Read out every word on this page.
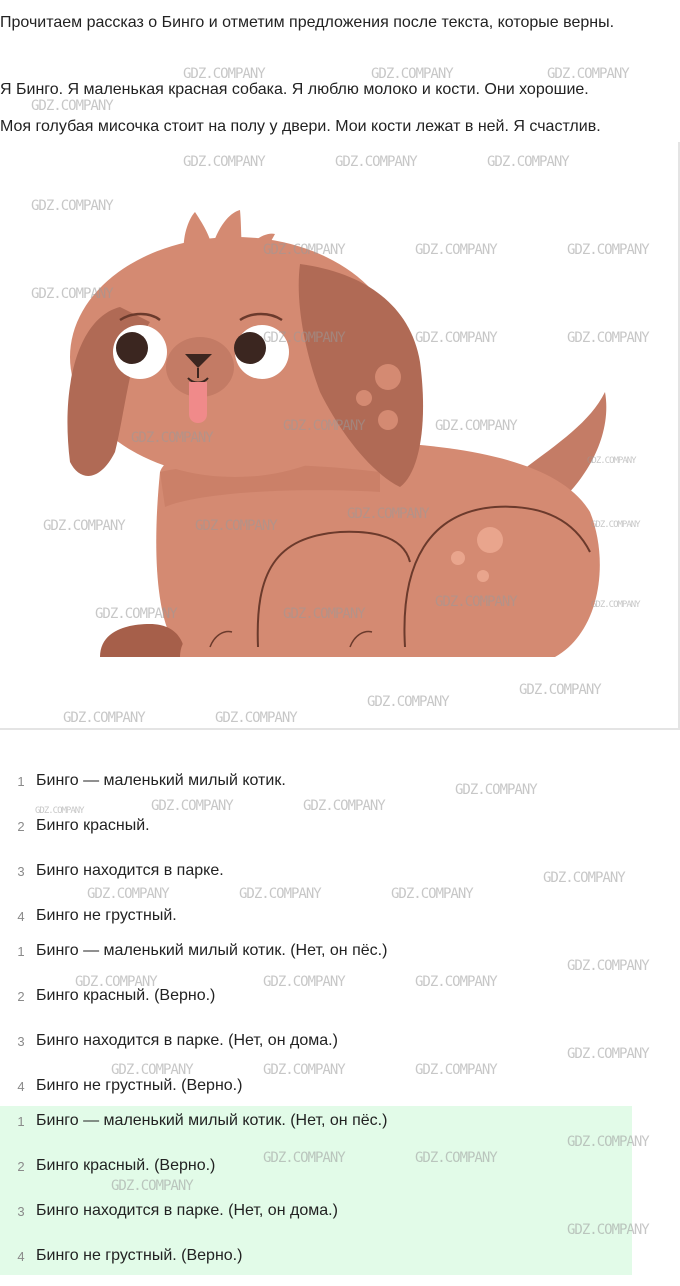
Прочитаем рассказ о Бинго и отметим предложения после текста, которые верны.

Я Бинго. Я маленькая красная собака. Я люблю молоко и кости. Они хорошие.

Моя голубая мисочка стоит на полу у двери. Мои кости лежат в ней. Я счастлив.

1 Бинго — маленький милый котик.
2 Бинго красный.
3 Бинго находится в парке.
4 Бинго не грустный.
1 Бинго — маленький милый котик. (Нет, он пёс.)
2 Бинго красный. (Верно.)
3 Бинго находится в парке. (Нет, он дома.)
4 Бинго не грустный. (Верно.)
1 Бинго — маленький милый котик. (Нет, он пёс.)
2 Бинго красный. (Верно.)
3 Бинго находится в парке. (Нет, он дома.)
4 Бинго не грустный. (Верно.)
GDZ.COMPANY	GDZ.COMPANY	GDZ.COMPANY
GDZ.COMPANY
GDZ.COMPANY	GDZ.COMPANY	GDZ.COMPANY
GDZ.COMPANY
GDZ.COMPANY	GDZ.COMPANY	GDZ.COMPANY
GDZ.COMPANY
GDZ.COMPANY	GDZ.COMPANY	GDZ.COMPANY
GDZ.COMPANY	GDZ.COMPANY
GDZ.COMPANY
GDZ.COMPANY
GDZ.COMPANY
GDZ.COMPANY	GDZ.COMPANY	GDZ.COMPANY
GDZ.COMPANY	GDZ.COMPANY
GDZ.COMPANY	GDZ.COMPANY
GDZ.COMPANY
GDZ.COMPANY
GDZ.COMPANY	GDZ.COMPANY
GDZ.COMPANY
GDZ.COMPANY	GDZ.COMPANY
GDZ.COMPANY
GDZ.COMPANY
GDZ.COMPANY	GDZ.COMPANY	GDZ.COMPANY
GDZ.COMPANY
GDZ.COMPANY	GDZ.COMPANY	GDZ.COMPANY
GDZ.COMPANY
GDZ.COMPANY	GDZ.COMPANY	GDZ.COMPANY
GDZ.COMPANY
GDZ.COMPANY	GDZ.COMPANY
GDZ.COMPANY
GDZ.COMPANY
